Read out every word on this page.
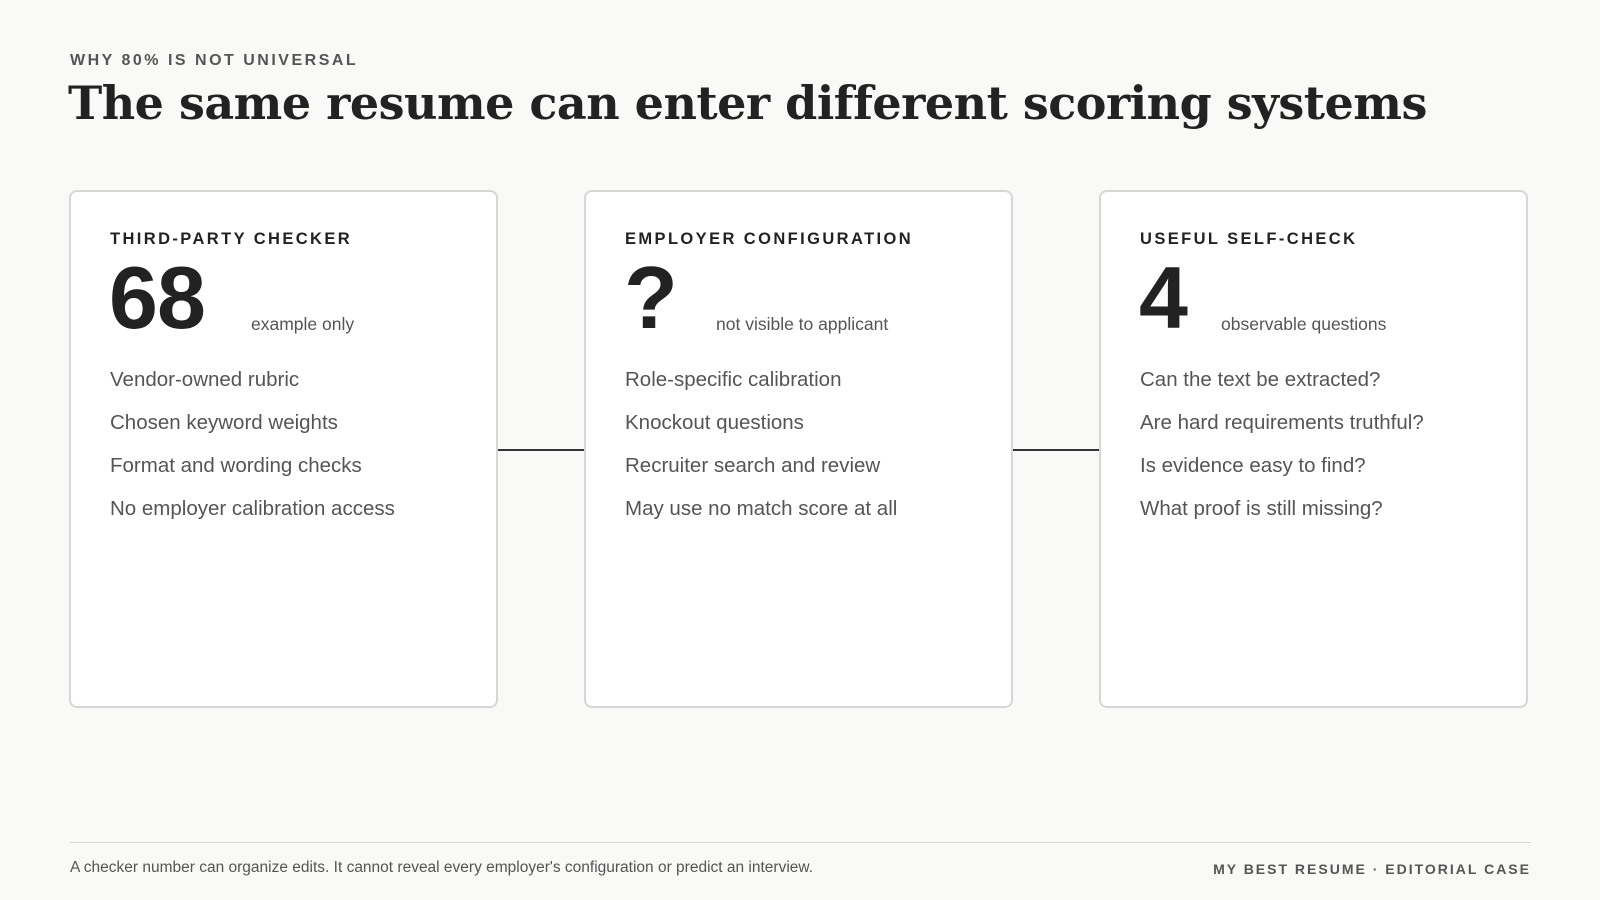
WHY 80% IS NOT UNIVERSAL

The same resume can enter different scoring systems
THIRD-PARTY CHECKER
68	example only
Vendor-owned rubric
Chosen keyword weights
Format and wording checks
No employer calibration access
EMPLOYER CONFIGURATION
? not visible to applicant
Role-specific calibration
Knockout questions
Recruiter search and review
May use no match score at all
USEFUL SELF-CHECK
4 observable questions
Can the text be extracted?
Are hard requirements truthful?
Is evidence easy to find?
What proof is still missing?
A checker number can organize edits. It cannot reveal every employer's configuration or predict an interview.	MY BEST RESUME · EDITORIAL CASE
